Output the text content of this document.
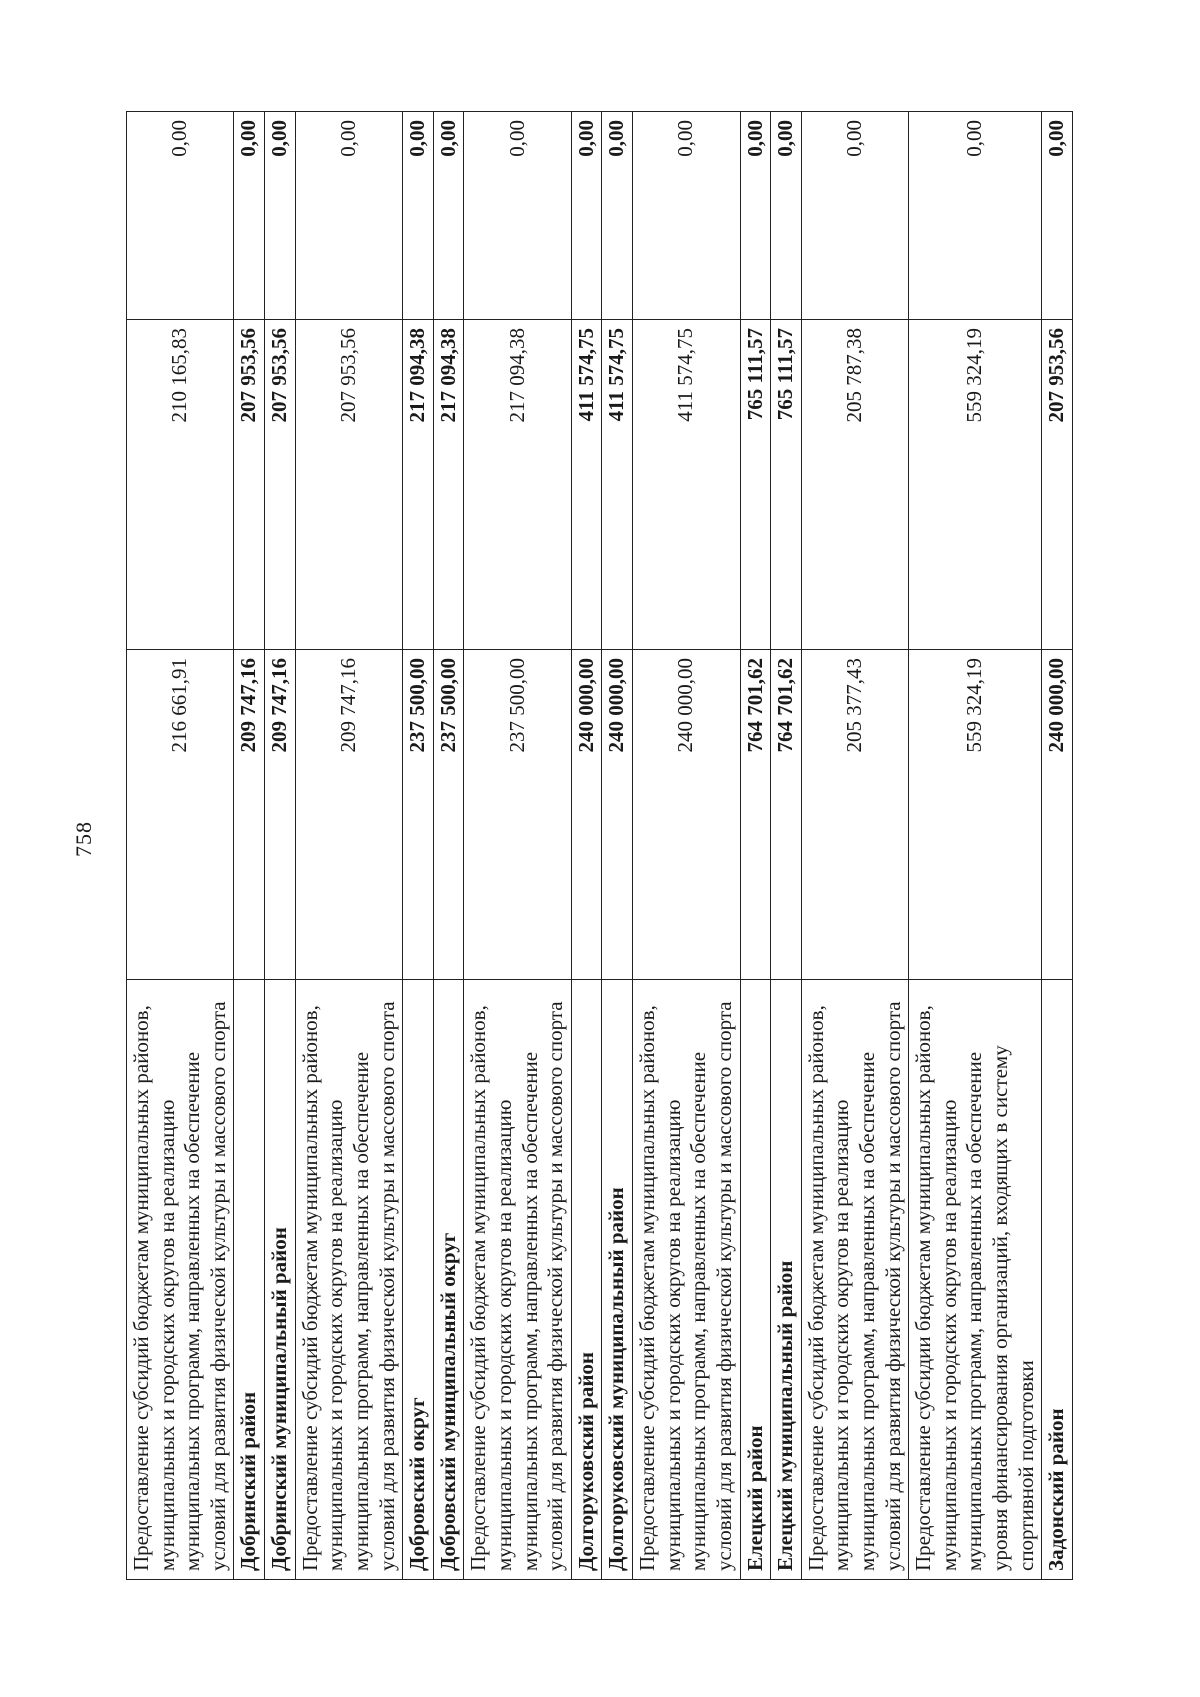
758
Предоставление субсидий бюджетам муниципальных районов, муниципальных и городских округов на реализацию муниципальных программ, направленных на обеспечение условий для развития физической культуры и массового спорта	216 661,91	210 165,83	0,00
Добринский район	209 747,16	207 953,56	0,00
Добринский муниципальный район	209 747,16	207 953,56	0,00
Предоставление субсидий бюджетам муниципальных районов, муниципальных и городских округов на реализацию муниципальных программ, направленных на обеспечение условий для развития физической культуры и массового спорта	209 747,16	207 953,56	0,00
Добровский округ	237 500,00	217 094,38	0,00
Добровский муниципальный округ	237 500,00	217 094,38	0,00
Предоставление субсидий бюджетам муниципальных районов, муниципальных и городских округов на реализацию муниципальных программ, направленных на обеспечение условий для развития физической культуры и массового спорта	237 500,00	217 094,38	0,00
Долгоруковский район	240 000,00	411 574,75	0,00
Долгоруковский муниципальный район	240 000,00	411 574,75	0,00
Предоставление субсидий бюджетам муниципальных районов, муниципальных и городских округов на реализацию муниципальных программ, направленных на обеспечение условий для развития физической культуры и массового спорта	240 000,00	411 574,75	0,00
Елецкий район	764 701,62	765 111,57	0,00
Елецкий муниципальный район	764 701,62	765 111,57	0,00
Предоставление субсидий бюджетам муниципальных районов, муниципальных и городских округов на реализацию муниципальных программ, направленных на обеспечение условий для развития физической культуры и массового спорта	205 377,43	205 787,38	0,00
Предоставление субсидии бюджетам муниципальных районов, муниципальных и городских округов на реализацию муниципальных программ, направленных на обеспечение уровня финансирования организаций, входящих в систему спортивной подготовки	559 324,19	559 324,19	0,00
Задонский район	240 000,00	207 953,56	0,00
